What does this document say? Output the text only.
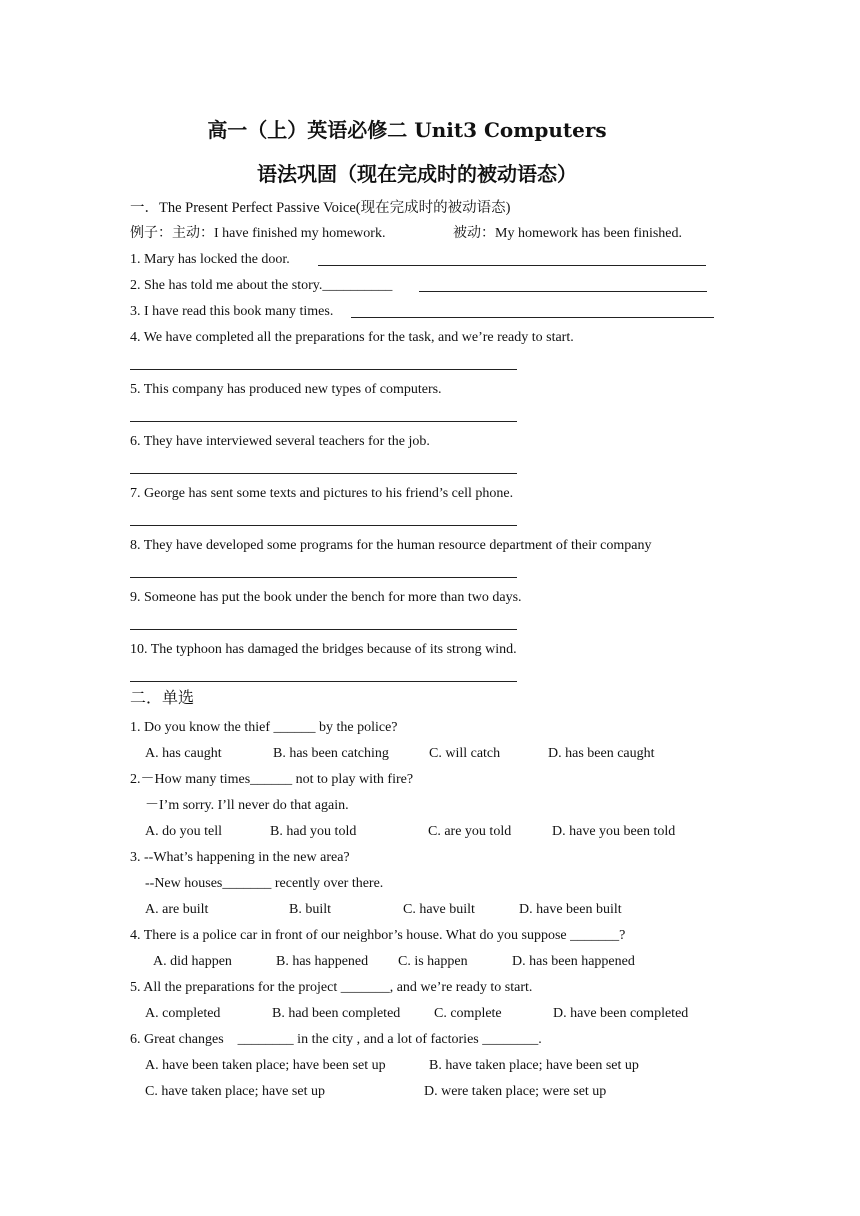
高一（上）英语必修二 Unit3 Computers
语法巩固（现在完成时的被动语态）
一．The Present Perfect Passive Voice(现在完成时的被动语态)
例子：主动：I have finished my homework.	被动：My homework has been finished.
1. Mary has locked the door.
2. She has told me about the story.__________
3. I have read this book many times.
4. We have completed all the preparations for the task, and we’re ready to start.
5. This company has produced new types of computers.
6. They have interviewed several teachers for the job.
7. George has sent some texts and pictures to his friend’s cell phone.
8. They have developed some programs for the human resource department of their company
9. Someone has put the book under the bench for more than two days.
10. The typhoon has damaged the bridges because of its strong wind.
二．单选
1. Do you know the thief ______ by the police?
A. has caught	B. has been catching	C. will catch	D. has been caught
2.－How many times______ not to play with fire?
－I’m sorry. I’ll never do that again.
A. do you tell	B. had you told	C. are you told	D. have you been told
3. --What’s happening in the new area?
--New houses_______ recently over there.
A. are built	B. built	C. have built	D. have been built
4. There is a police car in front of our neighbor’s house. What do you suppose _______?
A. did happen	B. has happened C. is happen	D. has been happened
5. All the preparations for the project _______, and we’re ready to start.
A. completed	B. had been completed C. complete	D. have been completed
6. Great changes    ________ in the city , and a lot of factories ________.
A. have been taken place; have been set up	B. have taken place; have been set up
C. have taken place; have set up	D. were taken place; were set up
